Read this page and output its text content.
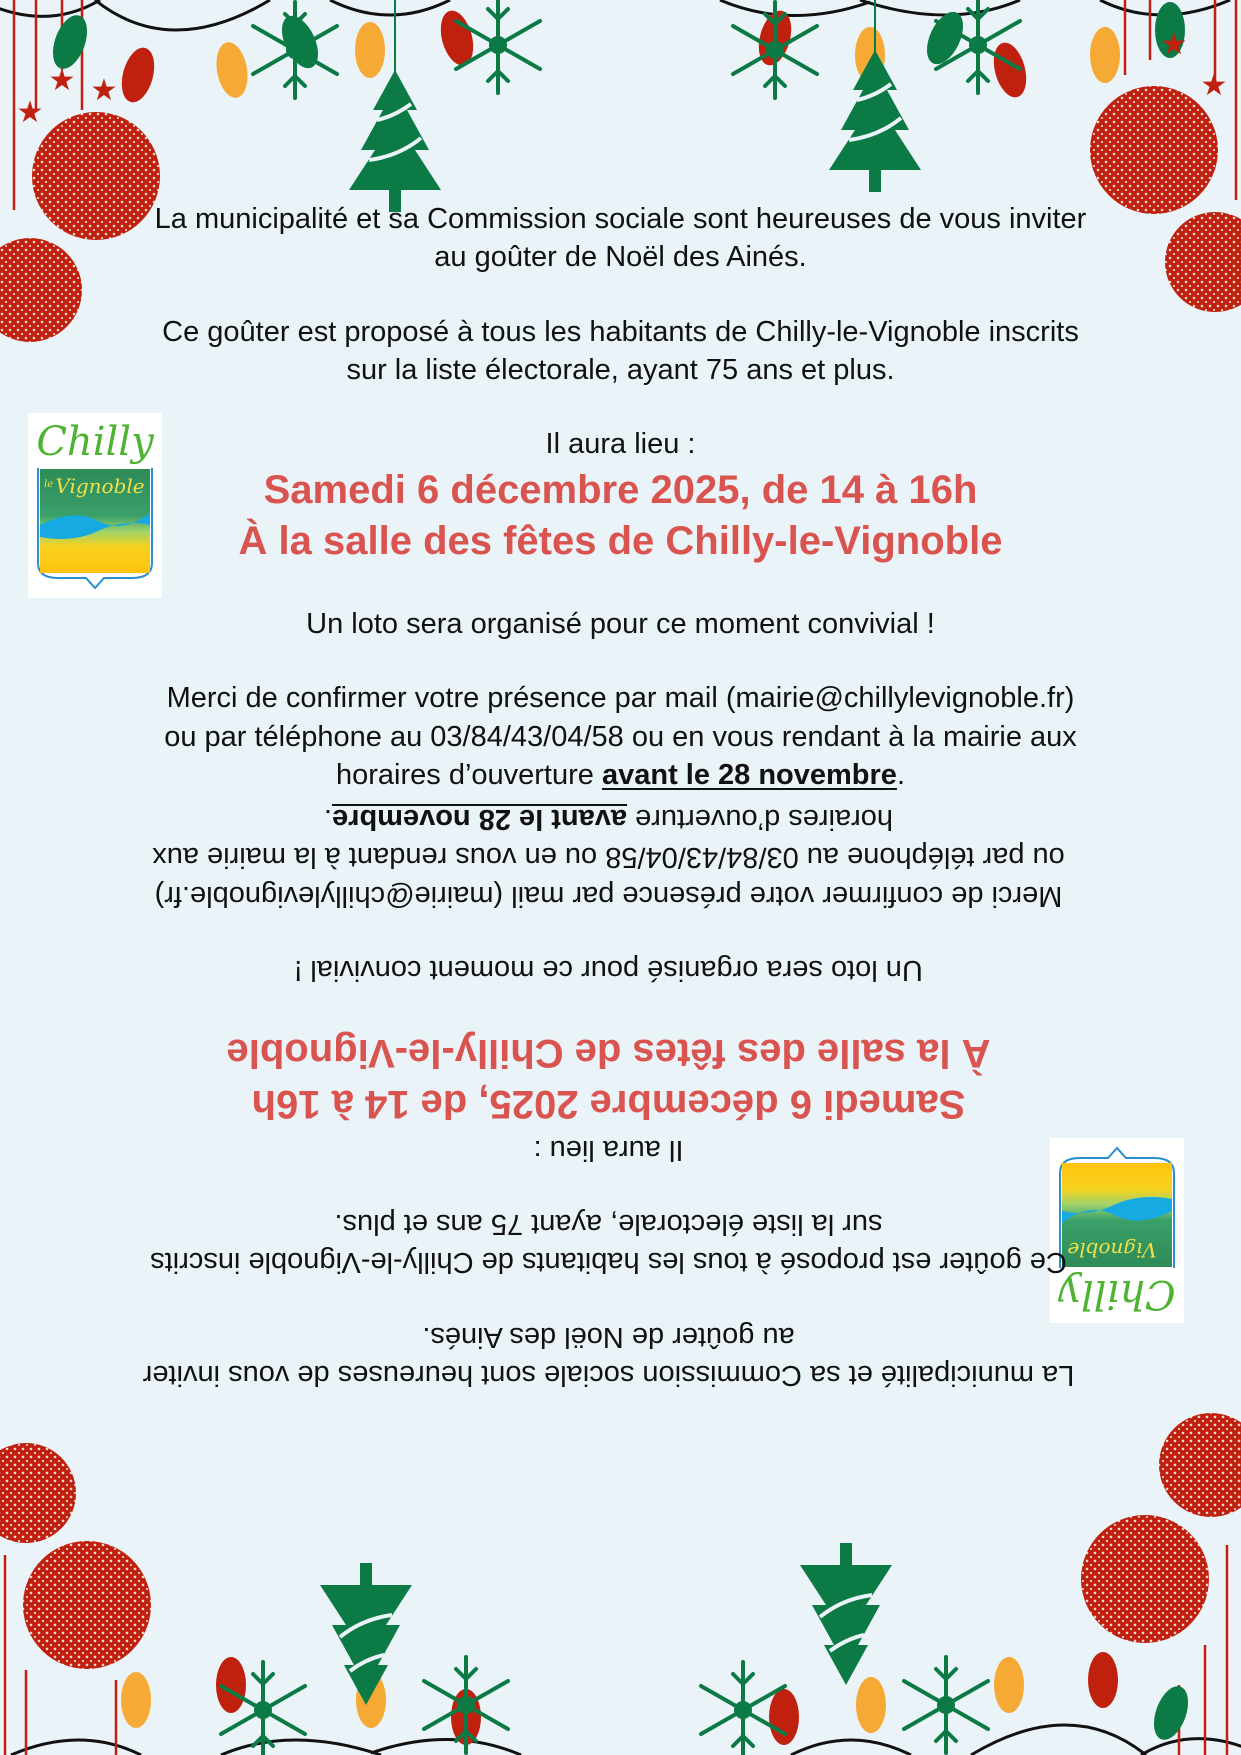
★
★ ★
★
★
Chilly
le Vignoble
Chilly
Vignoble
La municipalité et sa Commission sociale sont heureuses de vous inviter
au goûter de Noël des Ainés.
Ce goûter est proposé à tous les habitants de Chilly-le-Vignoble inscrits
sur la liste électorale, ayant 75 ans et plus.
Il aura lieu :
Samedi 6 décembre 2025, de 14 à 16h
À la salle des fêtes de Chilly-le-Vignoble
Un loto sera organisé pour ce moment convivial !
Merci de confirmer votre présence par mail (mairie@chillylevignoble.fr)
ou par téléphone au 03/84/43/04/58 ou en vous rendant à la mairie aux
horaires d’ouverture avant le 28 novembre.
La municipalité et sa Commission sociale sont heureuses de vous inviter
au goûter de Noël des Ainés.
Ce goûter est proposé à tous les habitants de Chilly-le-Vignoble inscrits
sur la liste électorale, ayant 75 ans et plus.
Il aura lieu :
Samedi 6 décembre 2025, de 14 à 16h
À la salle des fêtes de Chilly-le-Vignoble
Un loto sera organisé pour ce moment convivial !
Merci de confirmer votre présence par mail (mairie@chillylevignoble.fr)
ou par téléphone au 03/84/43/04/58 ou en vous rendant à la mairie aux
horaires d’ouverture avant le 28 novembre.
